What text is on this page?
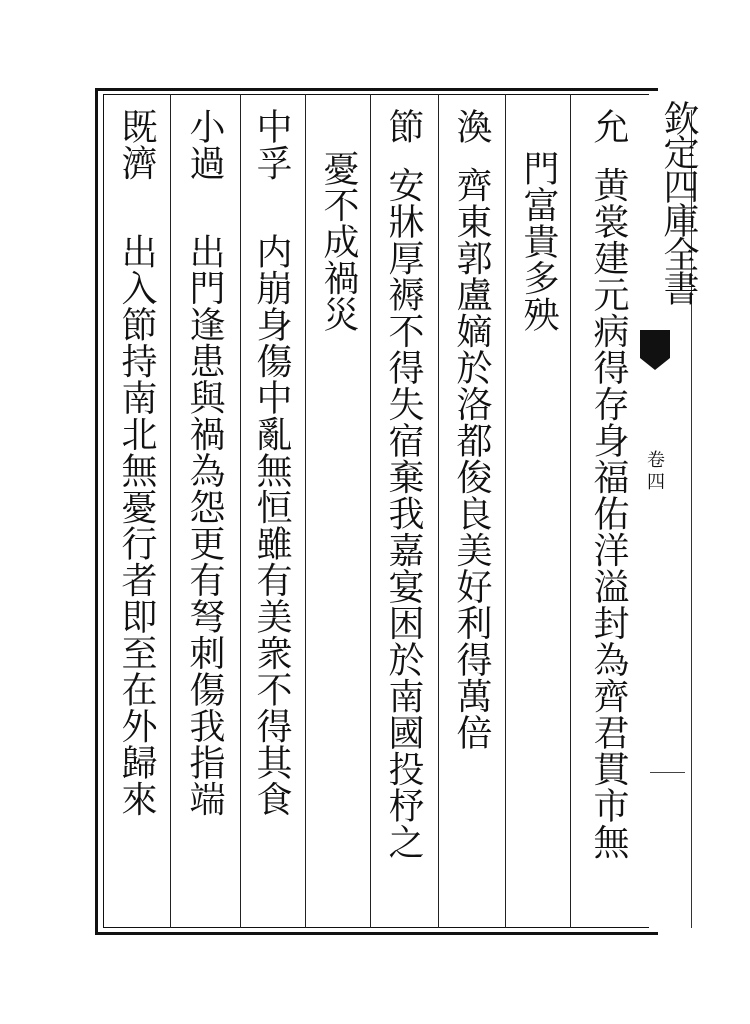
欽定四庫全書
卷四
允黄裳建元病得存身福佑洋溢封為齊君貫市無
門富貴多殃
渙齊東郭盧嫡於洛都俊良美好利得萬倍
節安牀厚褥不得失宿棄我嘉宴困於南國投杼之
憂不成禍災
中孚内崩身傷中亂無恒雖有美衆不得其食
小過出門逢患與禍為怨更有弩刺傷我指端
既濟出入節持南北無憂行者即至在外歸來
